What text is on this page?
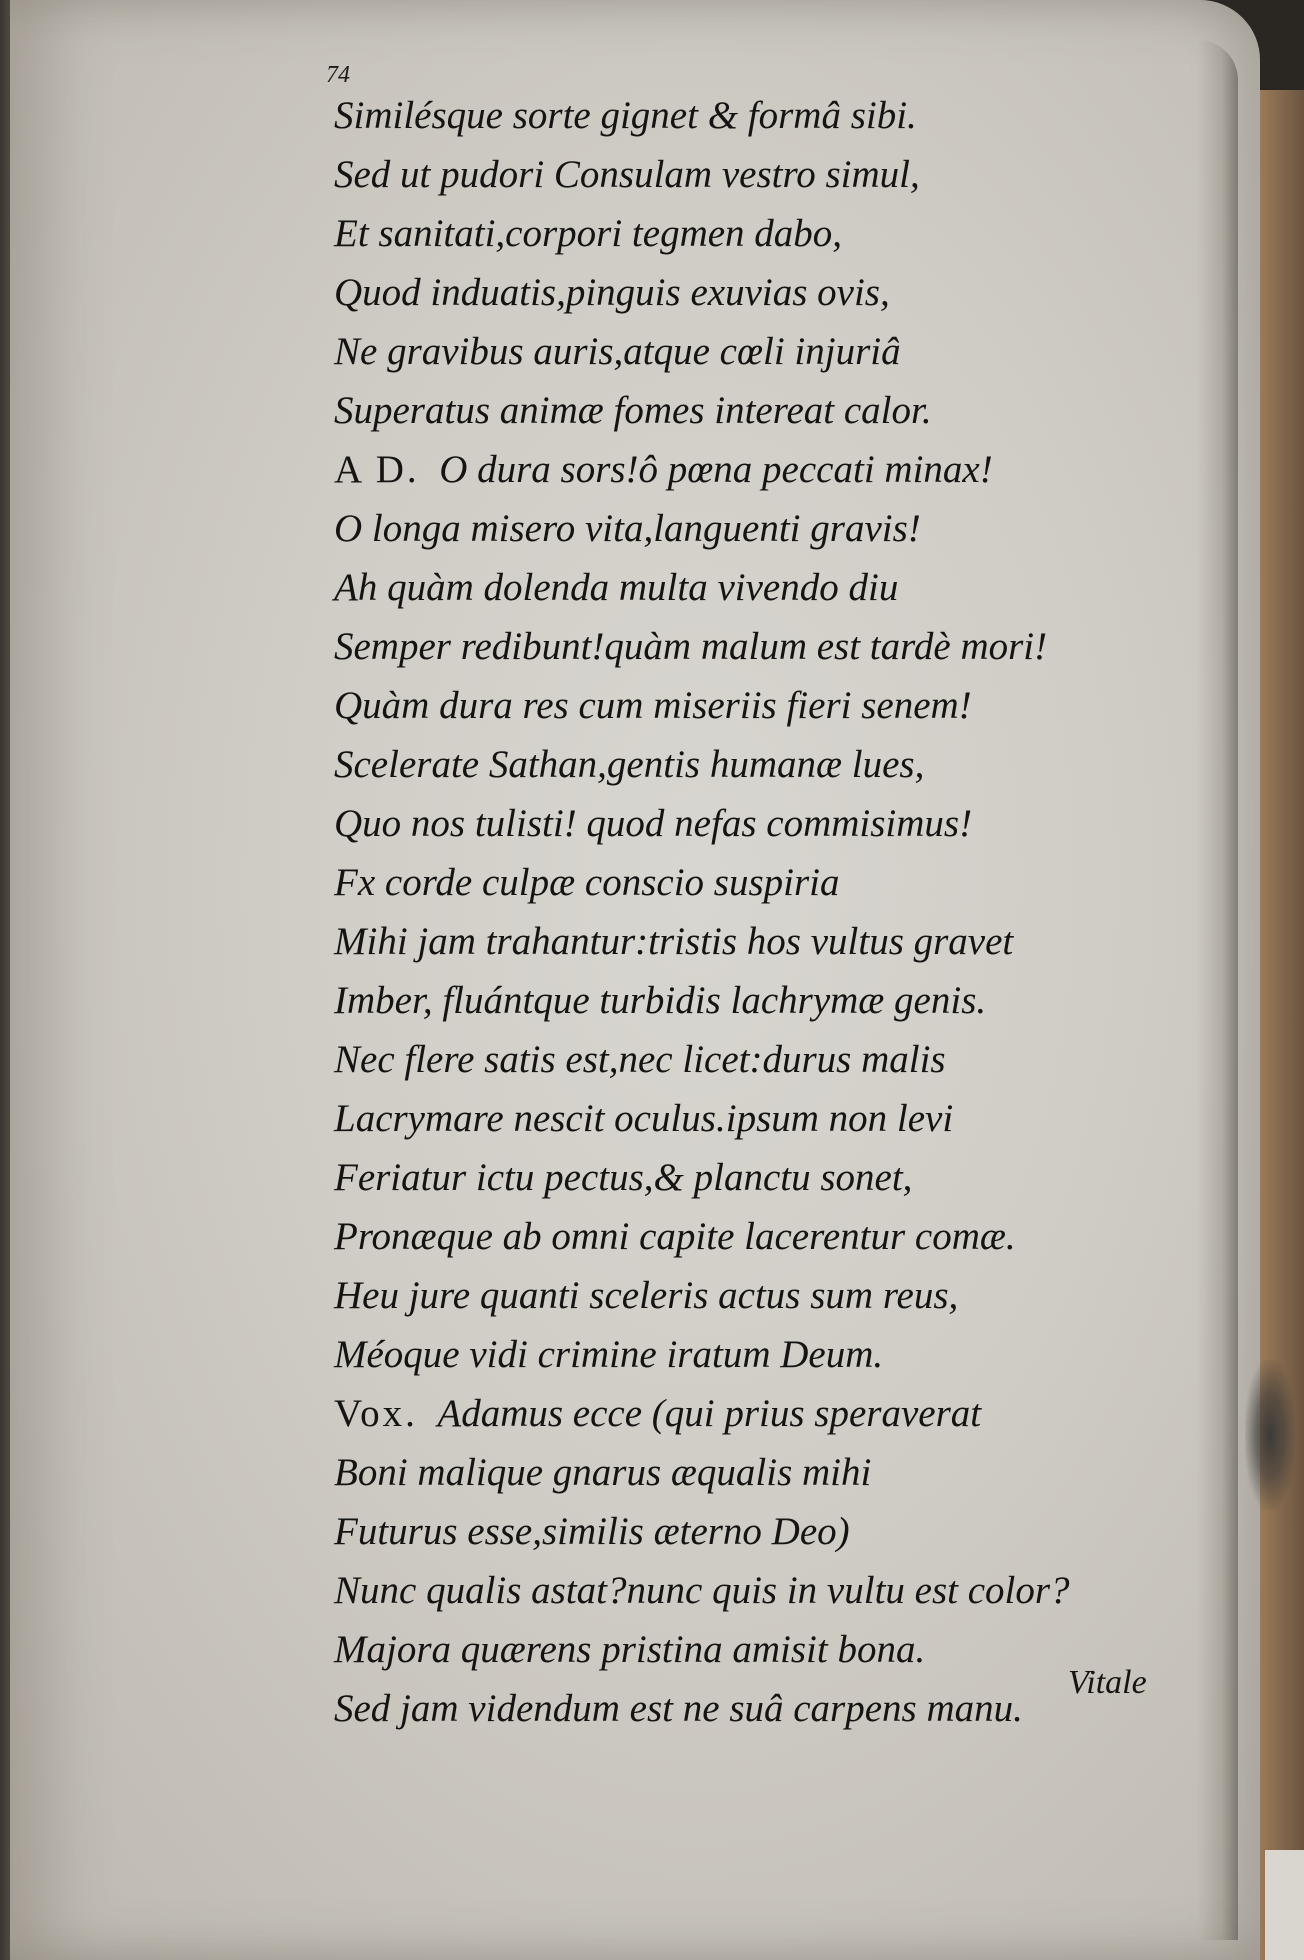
74
Similésque sorte gignet & formâ sibi.
Sed ut pudori Consulam vestro simul,
Et sanitati,corpori tegmen dabo,
Quod induatis,pinguis exuvias ovis,
Ne gravibus auris,atque cœli injuriâ
Superatus animæ fomes intereat calor.
A D. O dura sors!ô pœna peccati minax!
O longa misero vita,languenti gravis!
Ah quàm dolenda multa vivendo diu
Semper redibunt!quàm malum est tardè mori!
Quàm dura res cum miseriis fieri senem!
Scelerate Sathan,gentis humanæ lues,
Quo nos tulisti! quod nefas commisimus!
Fx corde culpæ conscio suspiria
Mihi jam trahantur:tristis hos vultus gravet
Imber, fluántque turbidis lachrymæ genis.
Nec flere satis est,nec licet:durus malis
Lacrymare nescit oculus.ipsum non levi
Feriatur ictu pectus,& planctu sonet,
Pronæque ab omni capite lacerentur comæ.
Heu jure quanti sceleris actus sum reus,
Méoque vidi crimine iratum Deum.
Vox. Adamus ecce (qui prius speraverat
Boni malique gnarus æqualis mihi
Futurus esse,similis æterno Deo)
Nunc qualis astat?nunc quis in vultu est color?
Majora quærens pristina amisit bona.
Sed jam videndum est ne suâ carpens manu.
Vitale
